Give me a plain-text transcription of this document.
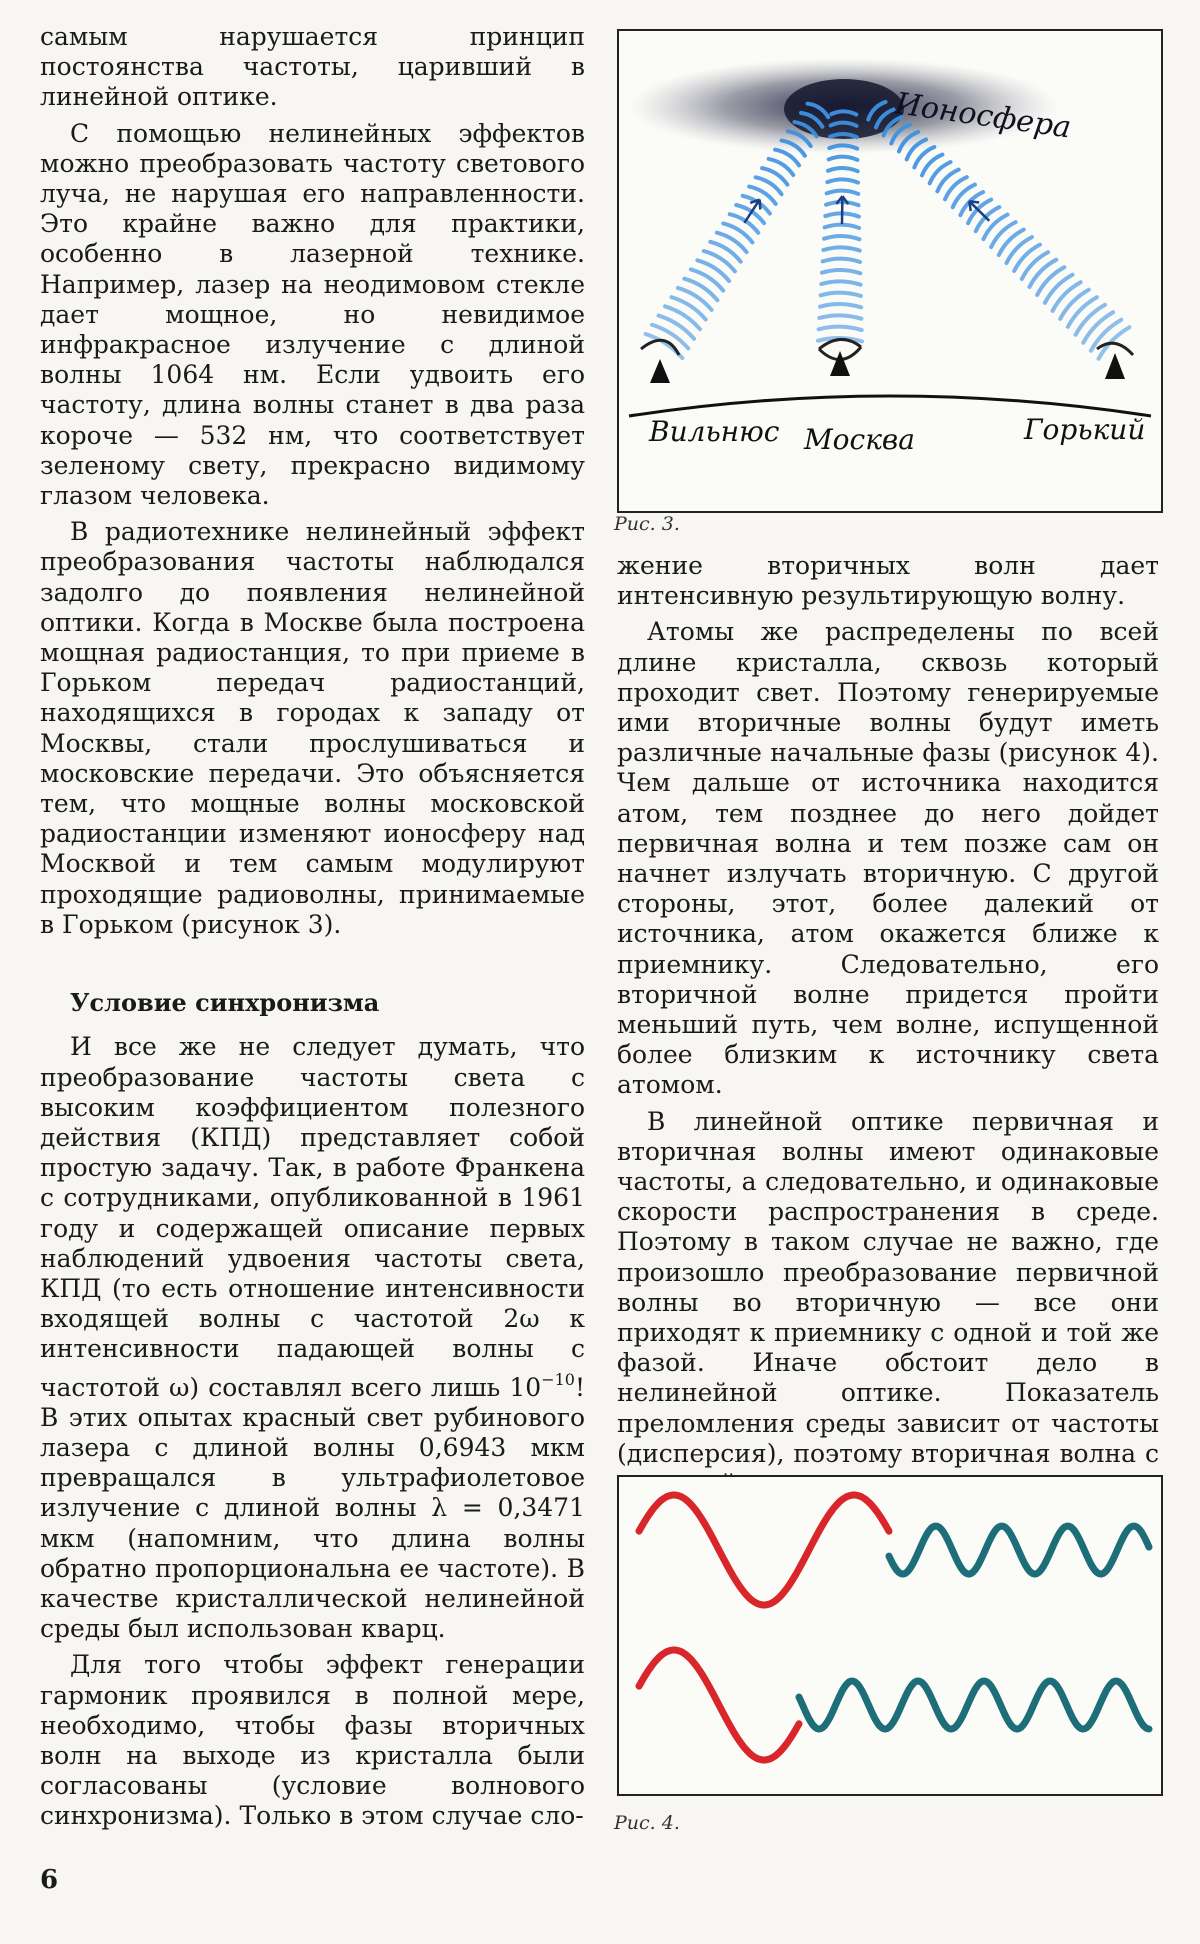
самым нарушается принцип постоянства частоты, царивший в линейной оптике.

С помощью нелинейных эффектов можно преобразовать частоту светового луча, не нарушая его направленности. Это крайне важно для практики, особенно в лазерной технике. Например, лазер на неодимовом стекле дает мощное, но невидимое инфракрасное излучение с длиной волны 1064 нм. Если удвоить его частоту, длина волны станет в два раза короче — 532 нм, что соответствует зеленому свету, прекрасно видимому глазом человека.

В радиотехнике нелинейный эффект преобразования частоты наблюдался задолго до появления нелинейной оптики. Когда в Москве была построена мощная радиостанция, то при приеме в Горьком передач радиостанций, находящихся в городах к западу от Москвы, стали прослушиваться и московские передачи. Это объясняется тем, что мощные волны московской радиостанции изменяют ионосферу над Москвой и тем самым модулируют проходящие радиоволны, принимаемые в Горьком (рисунок 3).

Условие синхронизма

И все же не следует думать, что преобразование частоты света с высоким коэффициентом полезного действия (КПД) представляет собой простую задачу. Так, в работе Франкена с сотрудниками, опубликованной в 1961 году и содержащей описание первых наблюдений удвоения частоты света, КПД (то есть отношение интенсивности входящей волны с частотой 2ω к интенсивности падающей волны с частотой ω) составлял всего лишь $10^{-10}$! В этих опытах красный свет рубинового лазера с длиной волны 0,6943 мкм превращался в ультрафиолетовое излучение с длиной волны λ = 0,3471 мкм (напомним, что длина волны обратно пропорциональна ее частоте). В качестве кристаллической нелинейной среды был использован кварц.

Для того чтобы эффект генерации гармоник проявился в полной мере, необходимо, чтобы фазы вторичных волн на выходе из кристалла были согласованы (условие волнового синхронизма). Только в этом случае сло-

Ионосфера
Вильнюс Москва	Горький
Рис. 3.

жение вторичных волн дает интенсивную результирующую волну.

Атомы же распределены по всей длине кристалла, сквозь который проходит свет. Поэтому генерируемые ими вторичные волны будут иметь различные начальные фазы (рисунок 4). Чем дальше от источника находится атом, тем позднее до него дойдет первичная волна и тем позже сам он начнет излучать вторичную. С другой стороны, этот, более далекий от источника, атом окажется ближе к приемнику. Следовательно, его вторичной волне придется пройти меньший путь, чем волне, испущенной более близким к источнику света атомом.

В линейной оптике первичная и вторичная волны имеют одинаковые частоты, а следовательно, и одинаковые скорости распространения в среде. Поэтому в таком случае не важно, где произошло преобразование первичной волны во вторичную — все они приходят к приемнику с одной и той же фазой. Иначе обстоит дело в нелинейной оптике. Показатель преломления среды зависит от частоты (дисперсия), поэтому вторичная волна с

Рис. 4.
6
